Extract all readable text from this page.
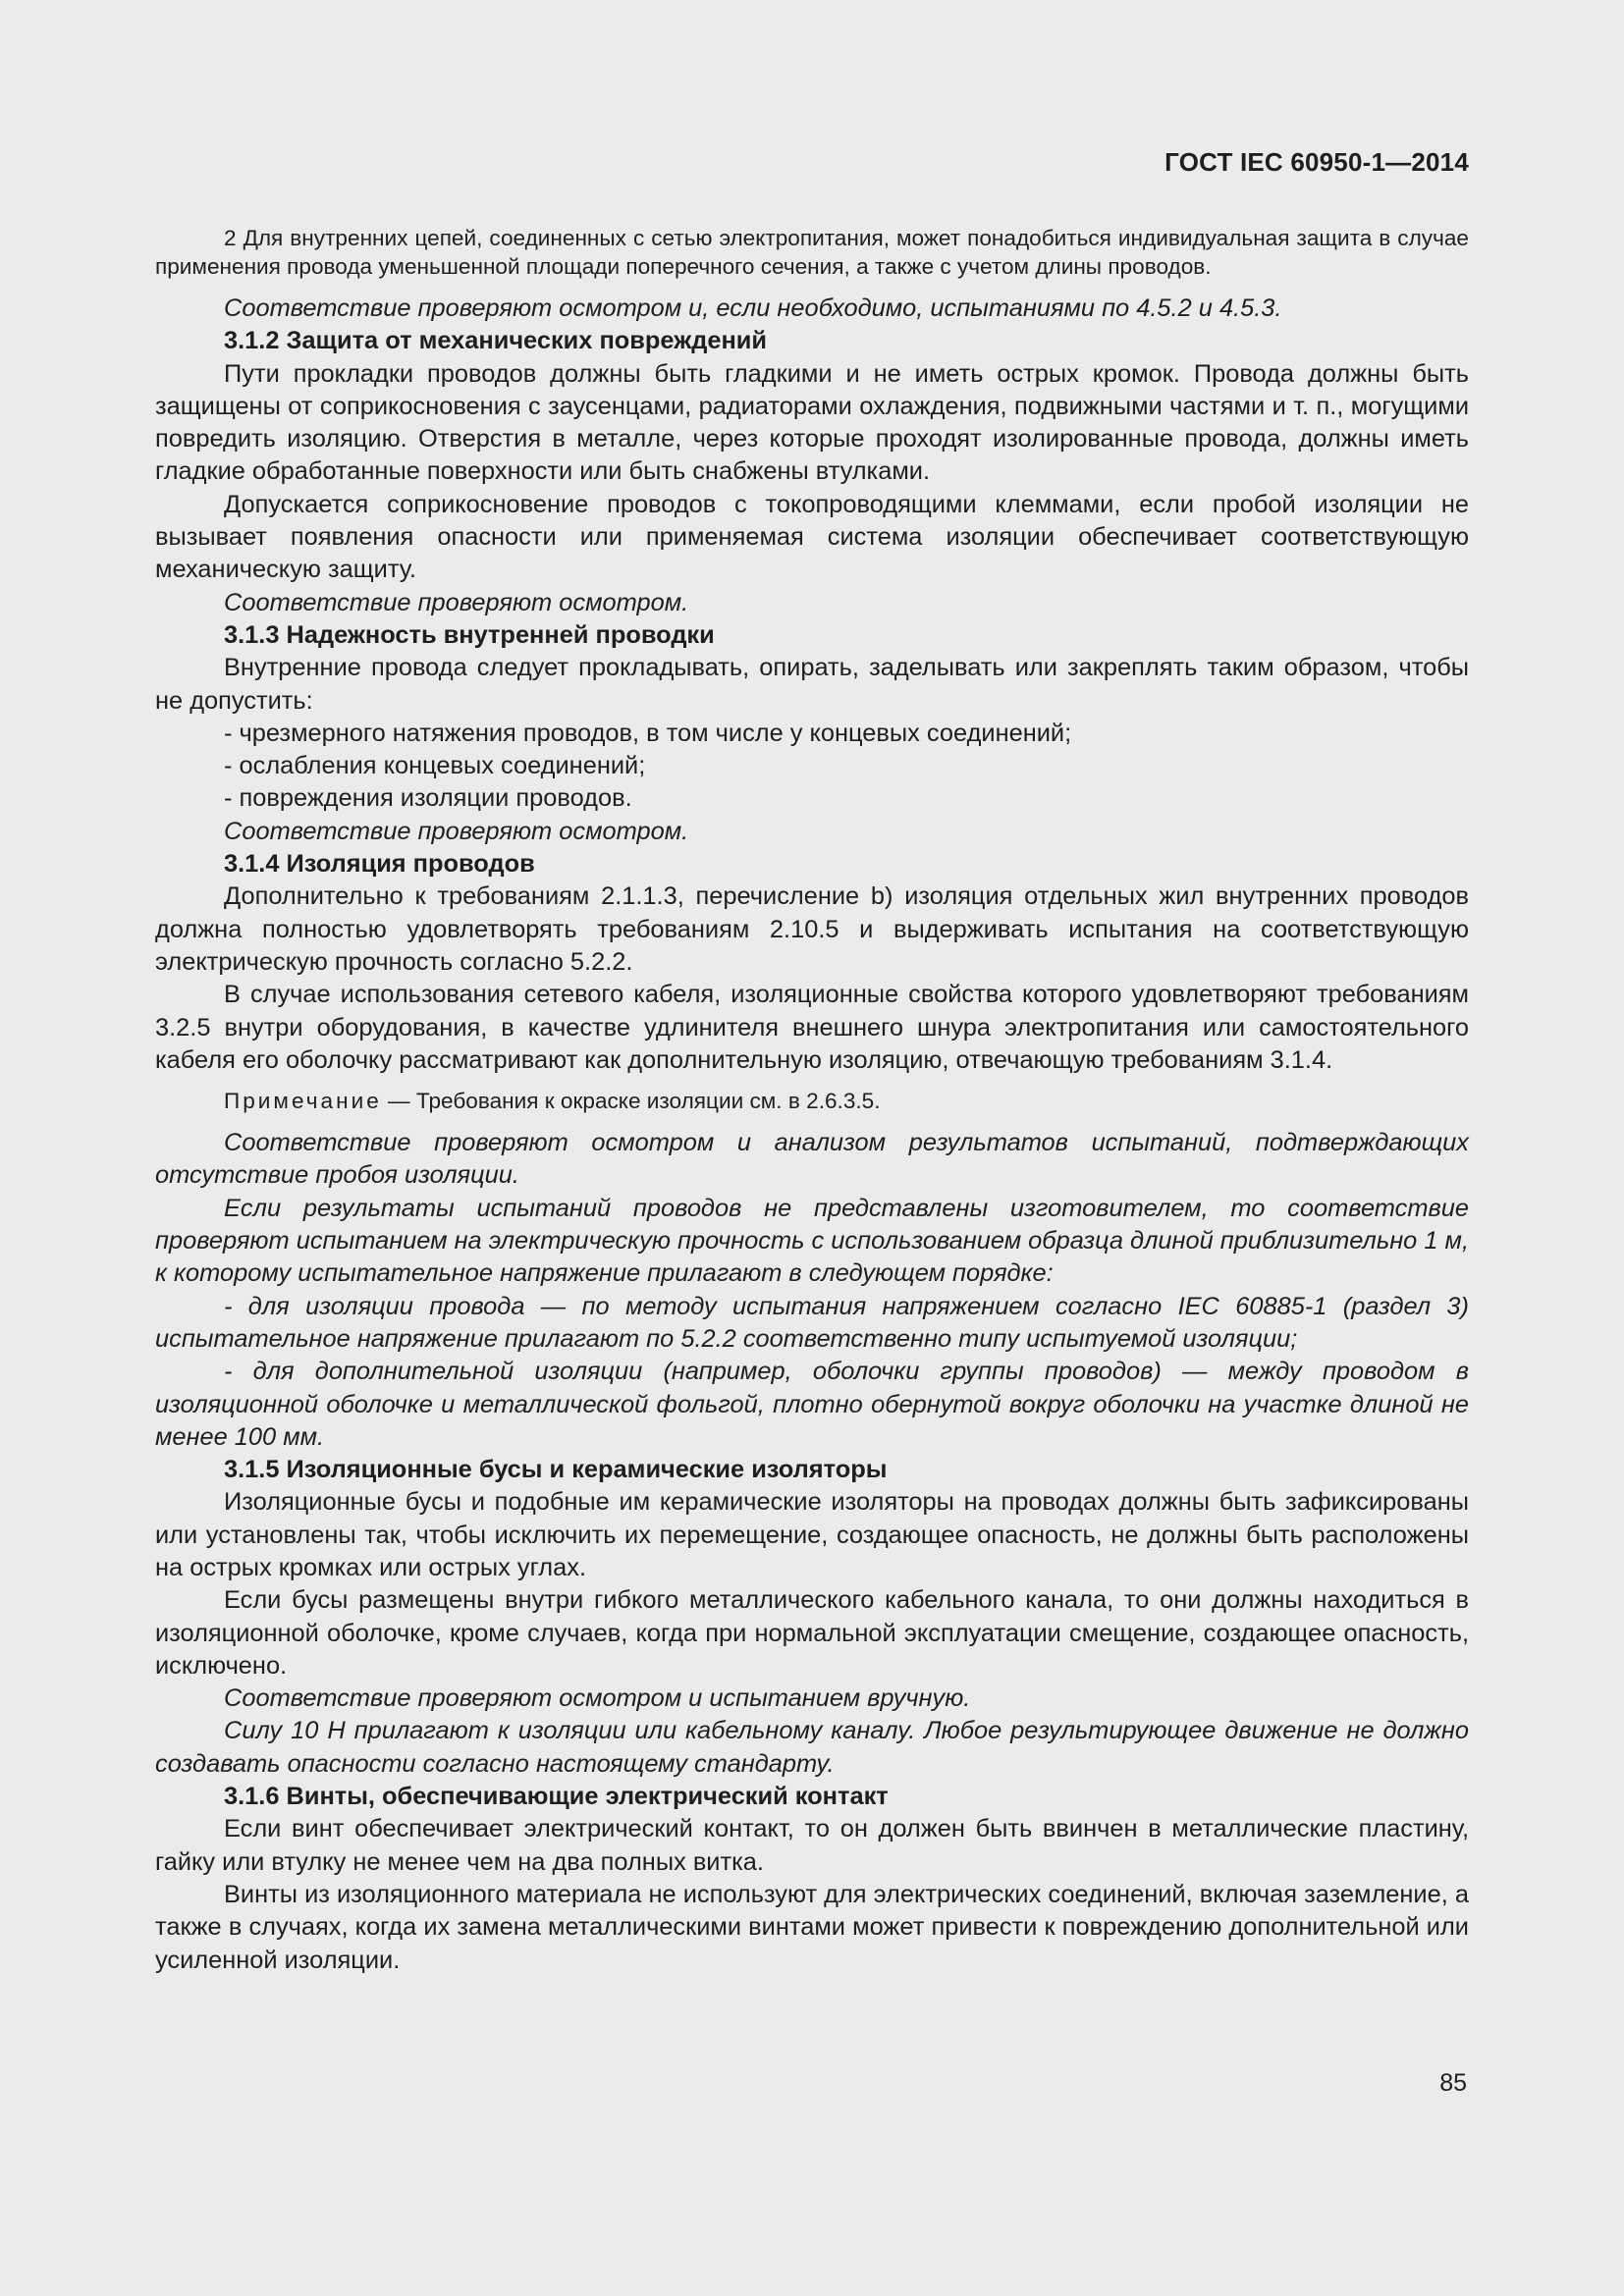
ГОСТ IEC 60950-1—2014

2 Для внутренних цепей, соединенных с сетью электропитания, может понадобиться индивидуальная защита в случае применения провода уменьшенной площади поперечного сечения, а также с учетом длины проводов.

Соответствие проверяют осмотром и, если необходимо, испытаниями по 4.5.2 и 4.5.3.

3.1.2 Защита от механических повреждений

Пути прокладки проводов должны быть гладкими и не иметь острых кромок. Провода должны быть защищены от соприкосновения с заусенцами, радиаторами охлаждения, подвижными частями и т. п., могущими повредить изоляцию. Отверстия в металле, через которые проходят изолированные провода, должны иметь гладкие обработанные поверхности или быть снабжены втулками.

Допускается соприкосновение проводов с токопроводящими клеммами, если пробой изоляции не вызывает появления опасности или применяемая система изоляции обеспечивает соответствующую механическую защиту.

Соответствие проверяют осмотром.

3.1.3 Надежность внутренней проводки

Внутренние провода следует прокладывать, опирать, заделывать или закреплять таким образом, чтобы не допустить:

- чрезмерного натяжения проводов, в том числе у концевых соединений;
- ослабления концевых соединений;
- повреждения изоляции проводов.

Соответствие проверяют осмотром.

3.1.4 Изоляция проводов

Дополнительно к требованиям 2.1.1.3, перечисление b) изоляция отдельных жил внутренних проводов должна полностью удовлетворять требованиям 2.10.5 и выдерживать испытания на соответствующую электрическую прочность согласно 5.2.2.

В случае использования сетевого кабеля, изоляционные свойства которого удовлетворяют требованиям 3.2.5 внутри оборудования, в качестве удлинителя внешнего шнура электропитания или самостоятельного кабеля его оболочку рассматривают как дополнительную изоляцию, отвечающую требованиям 3.1.4.

Примечание — Требования к окраске изоляции см. в 2.6.3.5.

Соответствие проверяют осмотром и анализом результатов испытаний, подтверждающих отсутствие пробоя изоляции.

Если результаты испытаний проводов не представлены изготовителем, то соответствие проверяют испытанием на электрическую прочность с использованием образца длиной приблизительно 1 м, к которому испытательное напряжение прилагают в следующем порядке:

- для изоляции провода — по методу испытания напряжением согласно IEC 60885-1 (раздел 3) испытательное напряжение прилагают по 5.2.2 соответственно типу испытуемой изоляции;

- для дополнительной изоляции (например, оболочки группы проводов) — между проводом в изоляционной оболочке и металлической фольгой, плотно обернутой вокруг оболочки на участке длиной не менее 100 мм.

3.1.5 Изоляционные бусы и керамические изоляторы

Изоляционные бусы и подобные им керамические изоляторы на проводах должны быть зафиксированы или установлены так, чтобы исключить их перемещение, создающее опасность, не должны быть расположены на острых кромках или острых углах.

Если бусы размещены внутри гибкого металлического кабельного канала, то они должны находиться в изоляционной оболочке, кроме случаев, когда при нормальной эксплуатации смещение, создающее опасность, исключено.

Соответствие проверяют осмотром и испытанием вручную.

Силу 10 Н прилагают к изоляции или кабельному каналу. Любое результирующее движение не должно создавать опасности согласно настоящему стандарту.

3.1.6 Винты, обеспечивающие электрический контакт

Если винт обеспечивает электрический контакт, то он должен быть ввинчен в металлические пластину, гайку или втулку не менее чем на два полных витка.

Винты из изоляционного материала не используют для электрических соединений, включая заземление, а также в случаях, когда их замена металлическими винтами может привести к повреждению дополнительной или усиленной изоляции.

85
